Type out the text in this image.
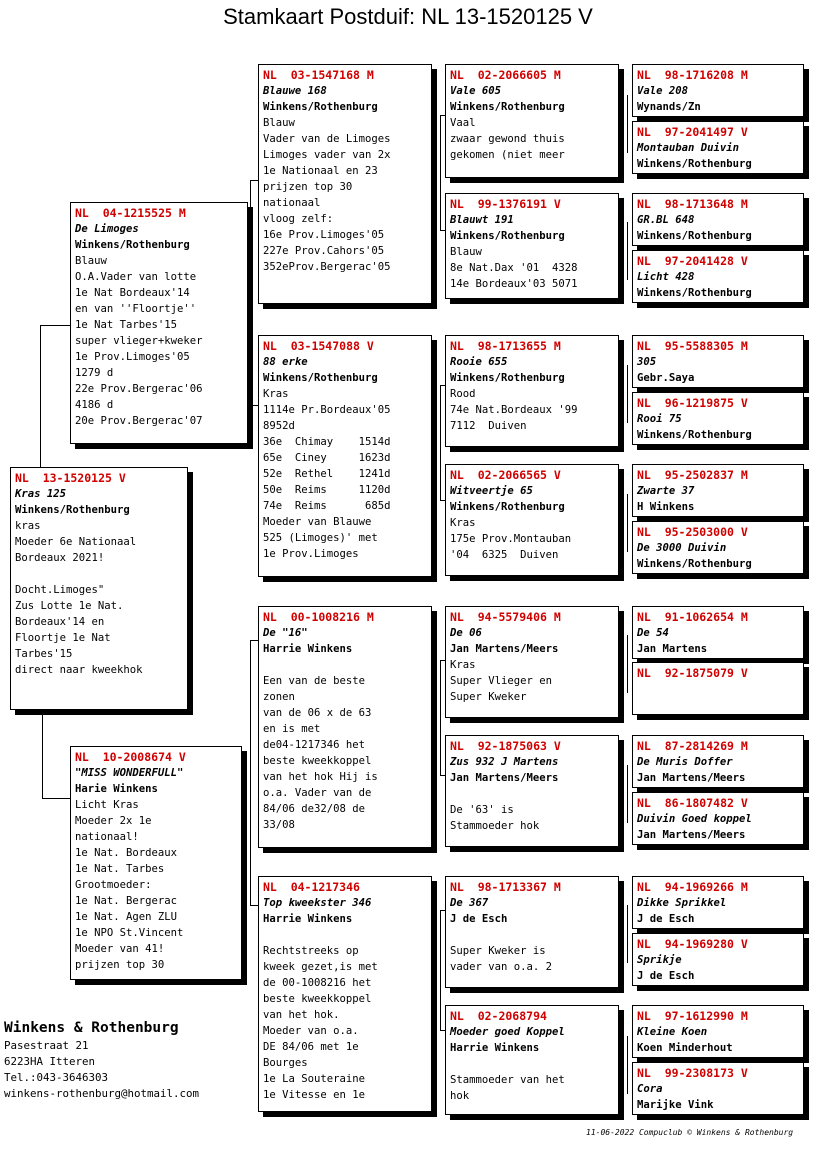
Stamkaart Postduif: NL 13-1520125 V
NL  13-1520125 V
Kras 125
Winkens/Rothenburg
kras
Moeder 6e Nationaal
Bordeaux 2021!
Docht.Limoges"
Zus Lotte 1e Nat.
Bordeaux'14 en
Floortje 1e Nat
Tarbes'15
direct naar kweekhok
NL  04-1215525 M
De Limoges
Winkens/Rothenburg
Blauw
O.A.Vader van lotte
1e Nat Bordeaux'14
en van ''Floortje''
1e Nat Tarbes'15
super vlieger+kweker
1e Prov.Limoges'05
1279 d
22e Prov.Bergerac'06
4186 d
20e Prov.Bergerac'07
NL  10-2008674 V
"MISS WONDERFULL"
Harie Winkens
Licht Kras
Moeder 2x 1e
nationaal!
1e Nat. Bordeaux
1e Nat. Tarbes
Grootmoeder:
1e Nat. Bergerac
1e Nat. Agen ZLU
1e NPO St.Vincent
Moeder van 41!
prijzen top 30
NL  03-1547168 M
Blauwe 168
Winkens/Rothenburg
Blauw
Vader van de Limoges
Limoges vader van 2x
1e Nationaal en 23
prijzen top 30
nationaal
vloog zelf:
16e Prov.Limoges'05
227e Prov.Cahors'05
352eProv.Bergerac'05
NL  03-1547088 V
88 erke
Winkens/Rothenburg
Kras
1114e Pr.Bordeaux'05
8952d
36e  Chimay    1514d
65e  Ciney     1623d
52e  Rethel    1241d
50e  Reims     1120d
74e  Reims      685d
Moeder van Blauwe
525 (Limoges)' met
1e Prov.Limoges
NL  00-1008216 M
De "16"
Harrie Winkens
Een van de beste
zonen
van de 06 x de 63
en is met
de04-1217346 het
beste kweekkoppel
van het hok Hij is
o.a. Vader van de
84/06 de32/08 de
33/08
NL  04-1217346
Top kweekster 346
Harrie Winkens
Rechtstreeks op
kweek gezet,is met
de 00-1008216 het
beste kweekkoppel
van het hok.
Moeder van o.a.
DE 84/06 met 1e
Bourges
1e La Souteraine
1e Vitesse en 1e
NL  02-2066605 M
Vale 605
Winkens/Rothenburg
Vaal
zwaar gewond thuis
gekomen (niet meer
NL  99-1376191 V
Blauwt 191
Winkens/Rothenburg
Blauw
8e Nat.Dax '01  4328
14e Bordeaux'03 5071
NL  98-1713655 M
Rooie 655
Winkens/Rothenburg
Rood
74e Nat.Bordeaux '99
7112  Duiven
NL  02-2066565 V
Witveertje 65
Winkens/Rothenburg
Kras
175e Prov.Montauban
'04  6325  Duiven
NL  94-5579406 M
De 06
Jan Martens/Meers
Kras
Super Vlieger en
Super Kweker
NL  92-1875063 V
Zus 932 J Martens
Jan Martens/Meers
De '63' is
Stammoeder hok
NL  98-1713367 M
De 367
J de Esch
Super Kweker is
vader van o.a. 2
NL  02-2068794
Moeder goed Koppel
Harrie Winkens
Stammoeder van het
hok
NL  98-1716208 M
Vale 208
Wynands/Zn
NL  97-2041497 V
Montauban Duivin
Winkens/Rothenburg
NL  98-1713648 M
GR.BL 648
Winkens/Rothenburg
NL  97-2041428 V
Licht 428
Winkens/Rothenburg
NL  95-5588305 M
305
Gebr.Saya
NL  96-1219875 V
Rooi 75
Winkens/Rothenburg
NL  95-2502837 M
Zwarte 37
H Winkens
NL  95-2503000 V
De 3000 Duivin
Winkens/Rothenburg
NL  91-1062654 M
De 54
Jan Martens
NL  92-1875079 V
NL  87-2814269 M
De Muris Doffer
Jan Martens/Meers
NL  86-1807482 V
Duivin Goed koppel
Jan Martens/Meers
NL  94-1969266 M
Dikke Sprikkel
J de Esch
NL  94-1969280 V
Sprikje
J de Esch
NL  97-1612990 M
Kleine Koen
Koen Minderhout
NL  99-2308173 V
Cora
Marijke Vink
Winkens & Rothenburg
Pasestraat 21
6223HA Itteren
Tel.:043-3646303
winkens-rothenburg@hotmail.com
11-06-2022 Compuclub © Winkens & Rothenburg
